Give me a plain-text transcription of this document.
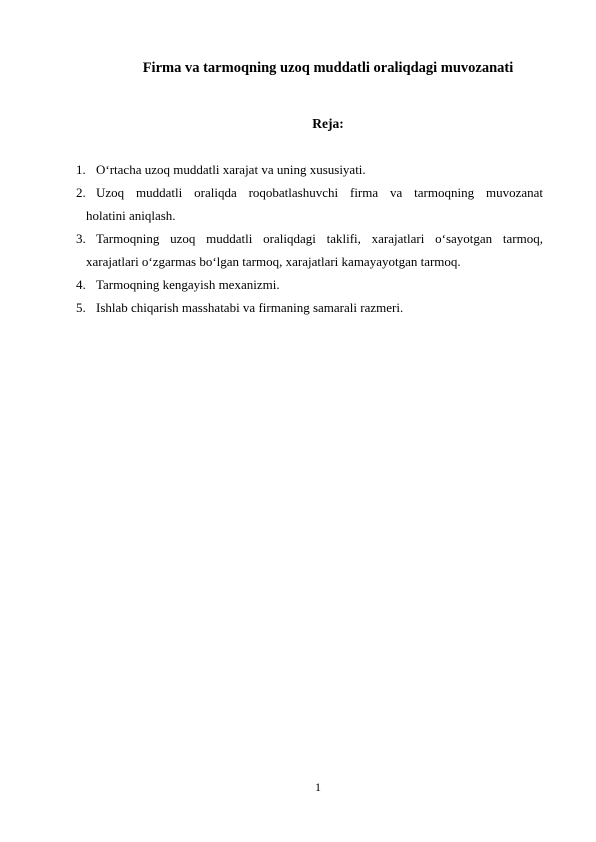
Firma va tarmoqning uzoq muddatli oraliqdagi muvozanati
Reja:
1. O‘rtacha uzoq muddatli xarajat va uning xususiyati.
2. Uzoq muddatli oraliqda roqobatlashuvchi firma va tarmoqning muvozanat
holatini aniqlash.
3. Tarmoqning uzoq muddatli oraliqdagi taklifi, xarajatlari o‘sayotgan tarmoq,
xarajatlari o‘zgarmas bo‘lgan tarmoq, xarajatlari kamayayotgan tarmoq.
4. Tarmoqning kengayish mexanizmi.
5. Ishlab chiqarish masshatabi va firmaning samarali razmeri.
1
